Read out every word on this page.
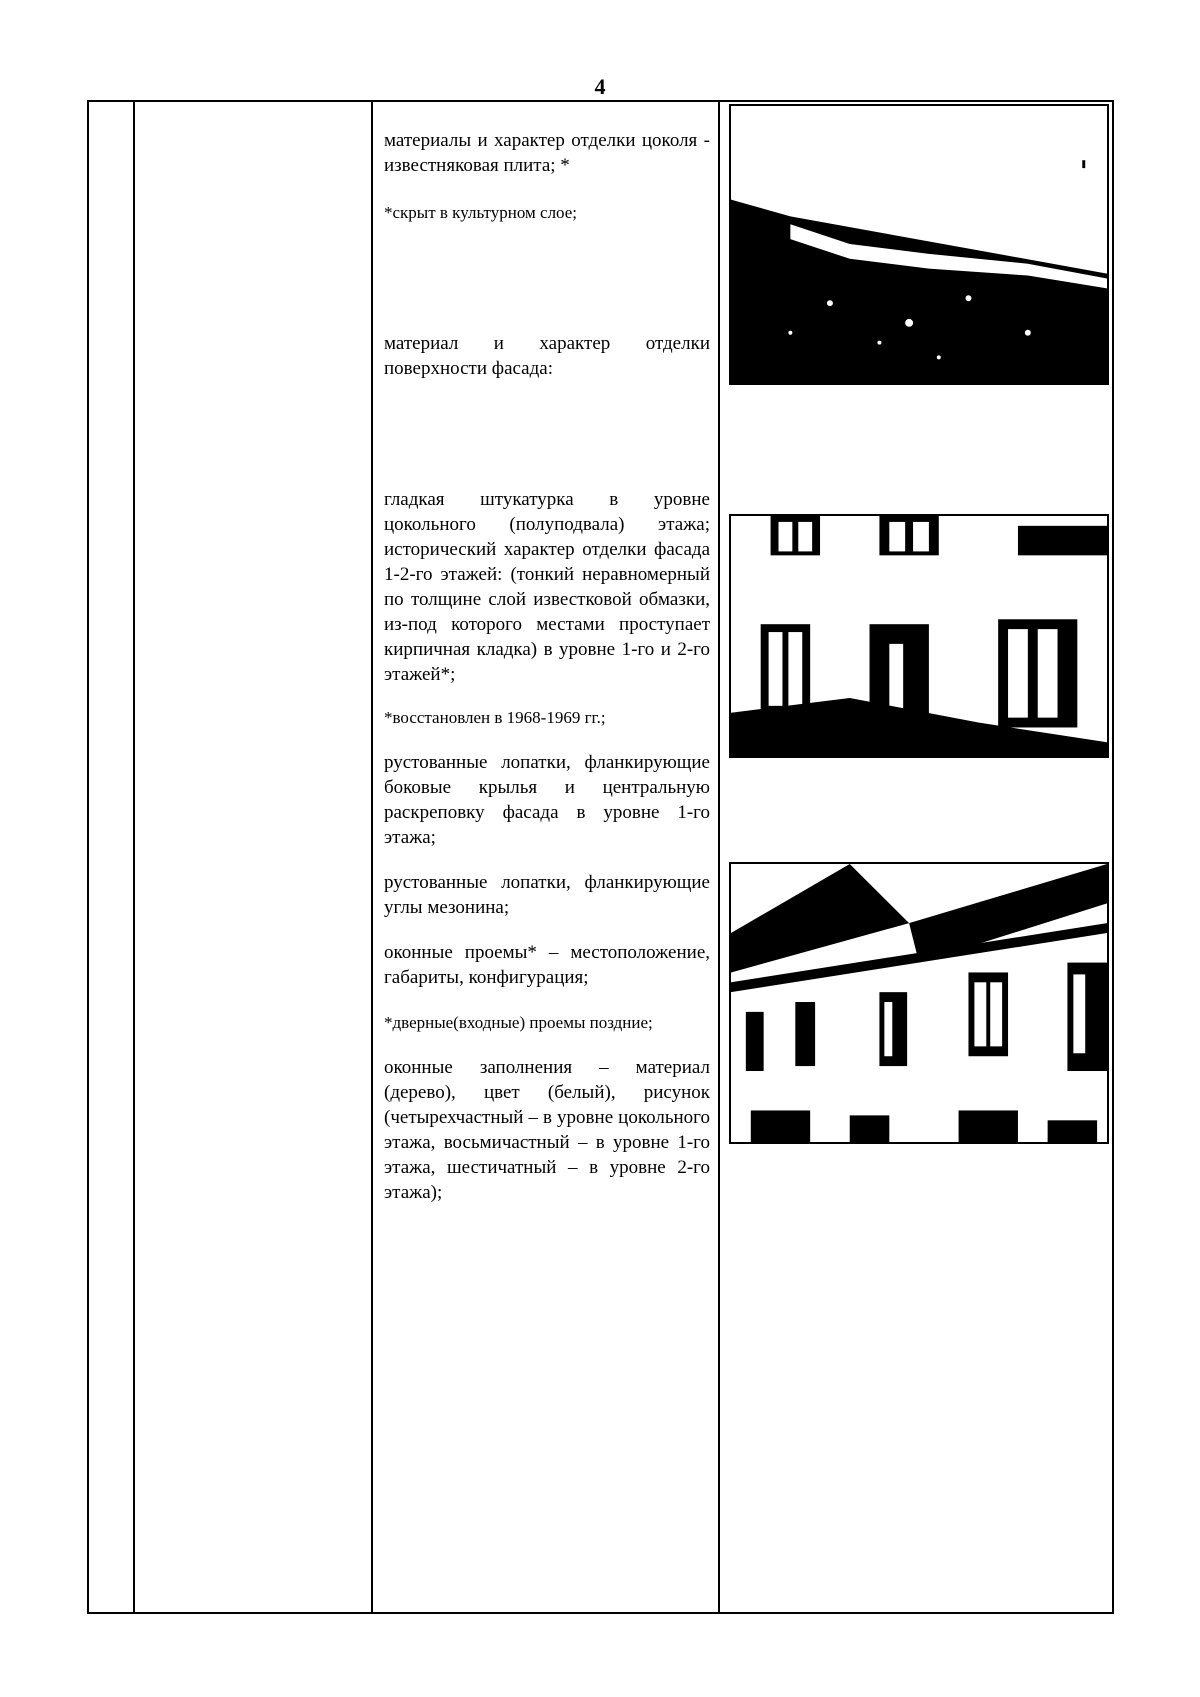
4

материалы и характер отделки цоколя - известняковая плита; *

*скрыт в культурном слое;

материал и характер отделки поверхности фасада:

гладкая штукатурка в уровне цокольного (полуподвала) этажа; исторический характер отделки фасада 1-2-го этажей: (тонкий неравномерный по толщине слой известковой обмазки, из-под которого местами проступает кирпичная кладка) в уровне 1-го и 2-го этажей*;

*восстановлен в 1968-1969 гг.;

рустованные лопатки, фланкирующие боковые крылья и центральную раскреповку фасада в уровне 1-го этажа;

рустованные лопатки, фланкирующие углы мезонина;

оконные проемы* – местоположение, габариты, конфигурация;

*дверные(входные) проемы поздние;

оконные заполнения – материал (дерево), цвет (белый), рисунок (четырехчастный – в уровне цокольного этажа, восьмичастный – в уровне 1-го этажа, шестичатный – в уровне 2-го этажа);
